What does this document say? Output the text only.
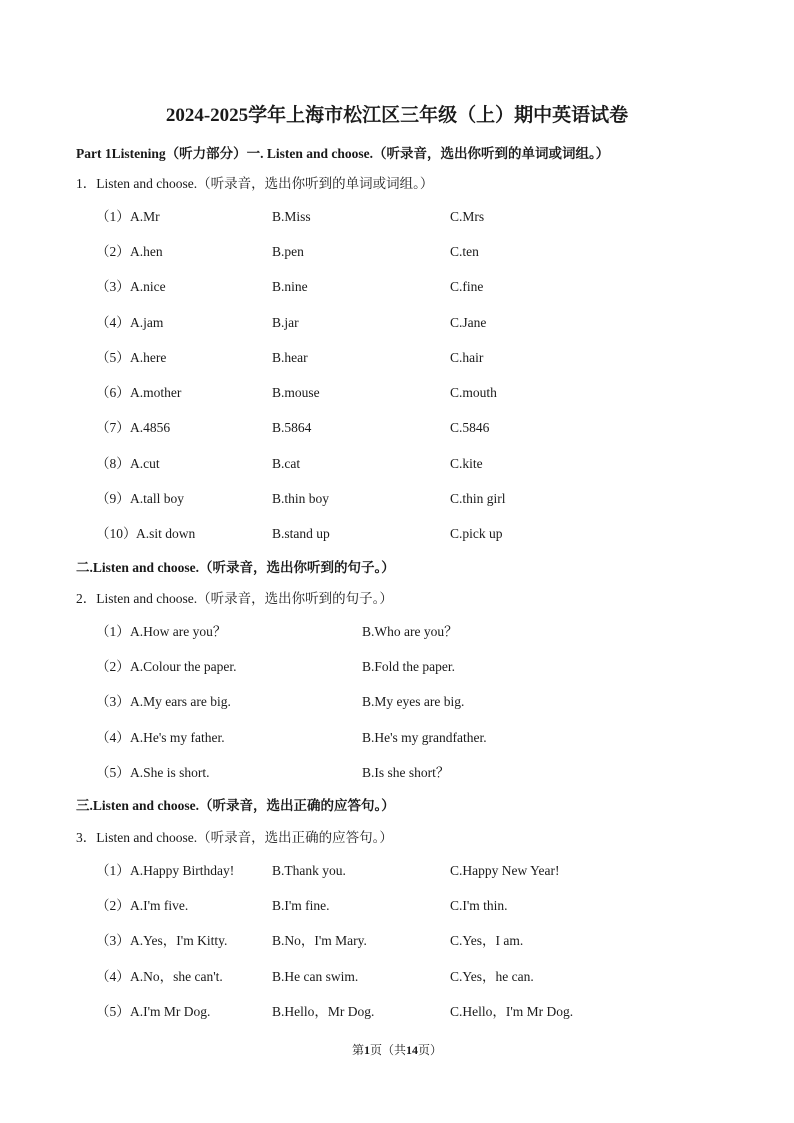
2024-2025学年上海市松江区三年级（上）期中英语试卷
Part 1Listening（听力部分）一. Listen and choose.（听录音，选出你听到的单词或词组。）
1．Listen and choose.（听录音，选出你听到的单词或词组。）
（1） A.Mr	B.Miss	C.Mrs
（2） A.hen	B.pen	C.ten
（3） A.nice	B.nine	C.fine
（4） A.jam	B.jar	C.Jane
（5） A.here	B.hear	C.hair
（6） A.mother	B.mouse	C.mouth
（7） A.4856	B.5864	C.5846
（8） A.cut	B.cat	C.kite
（9） A.tall boy	B.thin boy	C.thin girl
（10） A.sit down	B.stand up	C.pick up
二.Listen and choose.（听录音，选出你听到的句子。）
2．Listen and choose.（听录音，选出你听到的句子。）
（1） A.How are you？	B.Who are you？
（2） A.Colour the paper.	B.Fold the paper.
（3） A.My ears are big.	B.My eyes are big.
（4） A.He's my father.	B.He's my grandfather.
（5） A.She is short.	B.Is she short？
三.Listen and choose.（听录音，选出正确的应答句。）
3．Listen and choose.（听录音，选出正确的应答句。）
（1） A.Happy Birthday!	B.Thank you.	C.Happy New Year!
（2） A.I'm five.	B.I'm fine.	C.I'm thin.
（3） A.Yes，I'm Kitty.	B.No，I'm Mary.	C.Yes，I am.
（4） A.No，she can't.	B.He can swim.	C.Yes，he can.
（5） A.I'm Mr Dog.	B.Hello，Mr Dog.	C.Hello，I'm Mr Dog.
第1页（共14页）
